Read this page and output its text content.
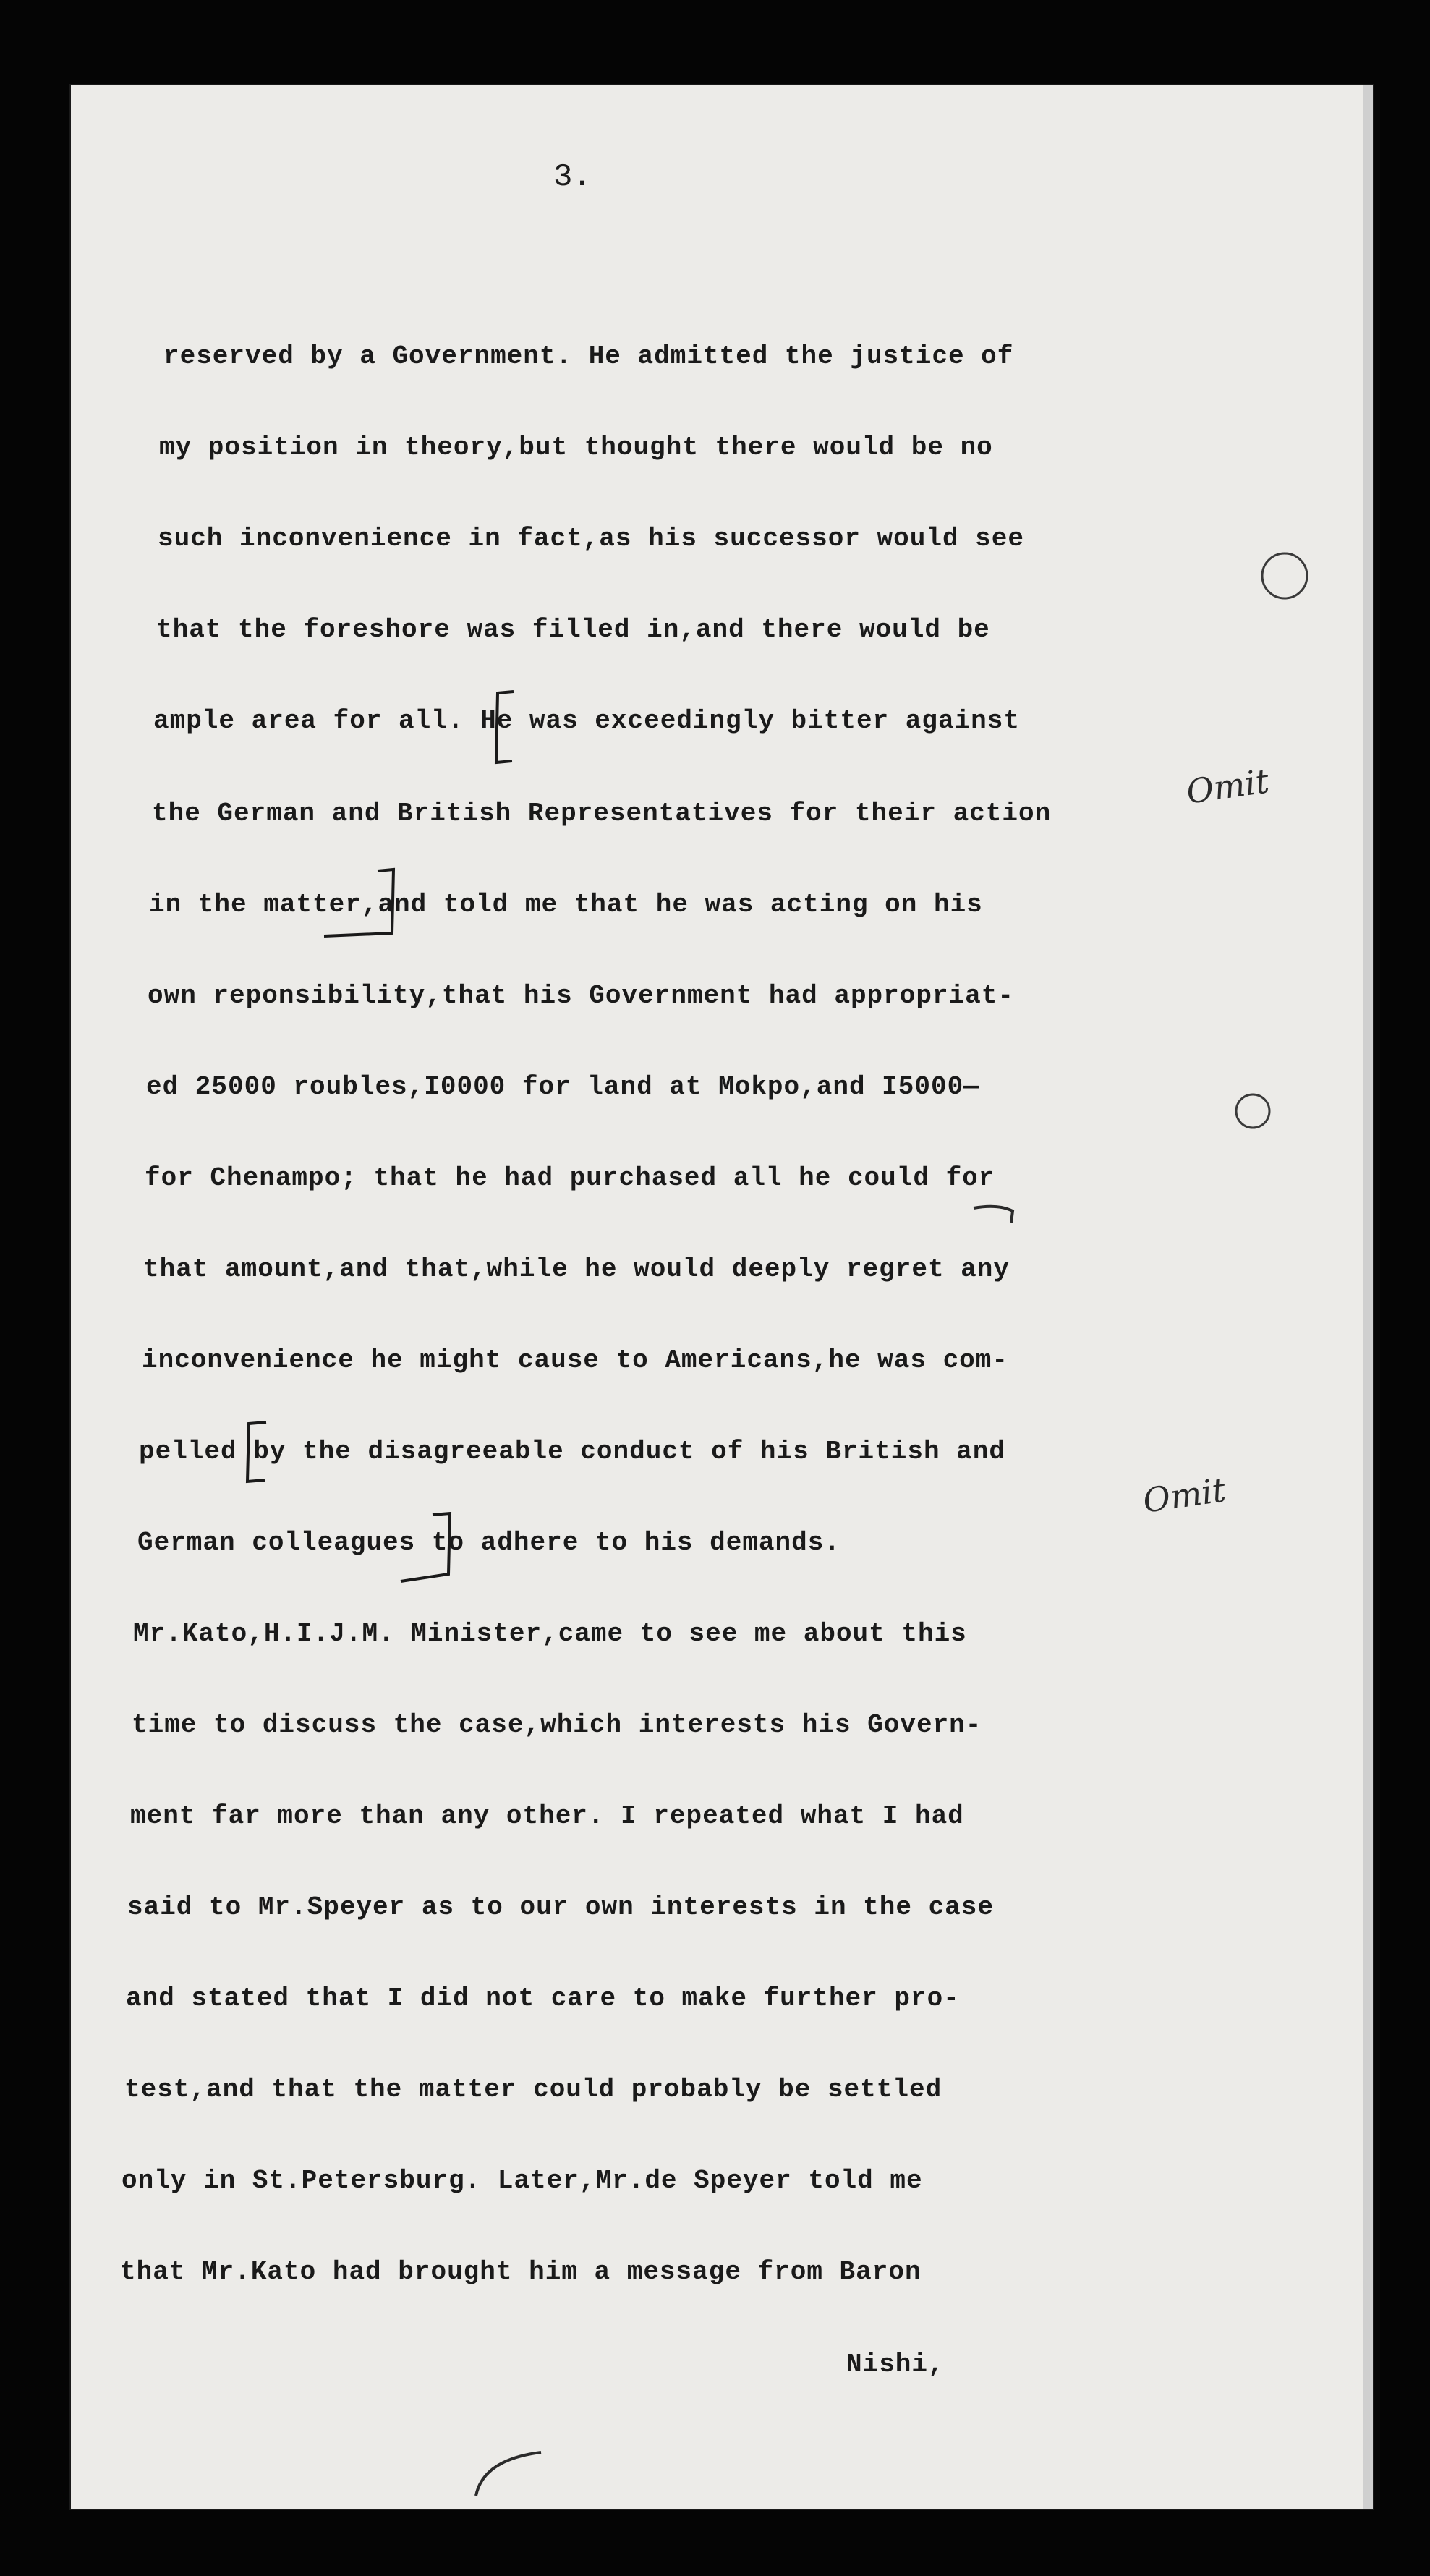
3.
reserved by a Government. He admitted the justice of
my position in theory,but thought there would be no
such inconvenience in fact,as his successor would see
that the foreshore was filled in,and there would be
ample area for all. He was exceedingly bitter against
the German and British Representatives for their action
in the matter,and told me that he was acting on his
own reponsibility,that his Government had appropriat-
ed 25000 roubles,I0000 for land at Mokpo,and I5000—
for Chenampo; that he had purchased all he could for
that amount,and that,while he would deeply regret any
inconvenience he might cause to Americans,he was com-
pelled by the disagreeable conduct of his British and
German colleagues to adhere to his demands.
Mr.Kato,H.I.J.M. Minister,came to see me about this
time to discuss the case,which interests his Govern-
ment far more than any other. I repeated what I had
said to Mr.Speyer as to our own interests in the case
and stated that I did not care to make further pro-
test,and that the matter could probably be settled
only in St.Petersburg. Later,Mr.de Speyer told me
that Mr.Kato had brought him a message from Baron
Nishi,
Omit
Omit
